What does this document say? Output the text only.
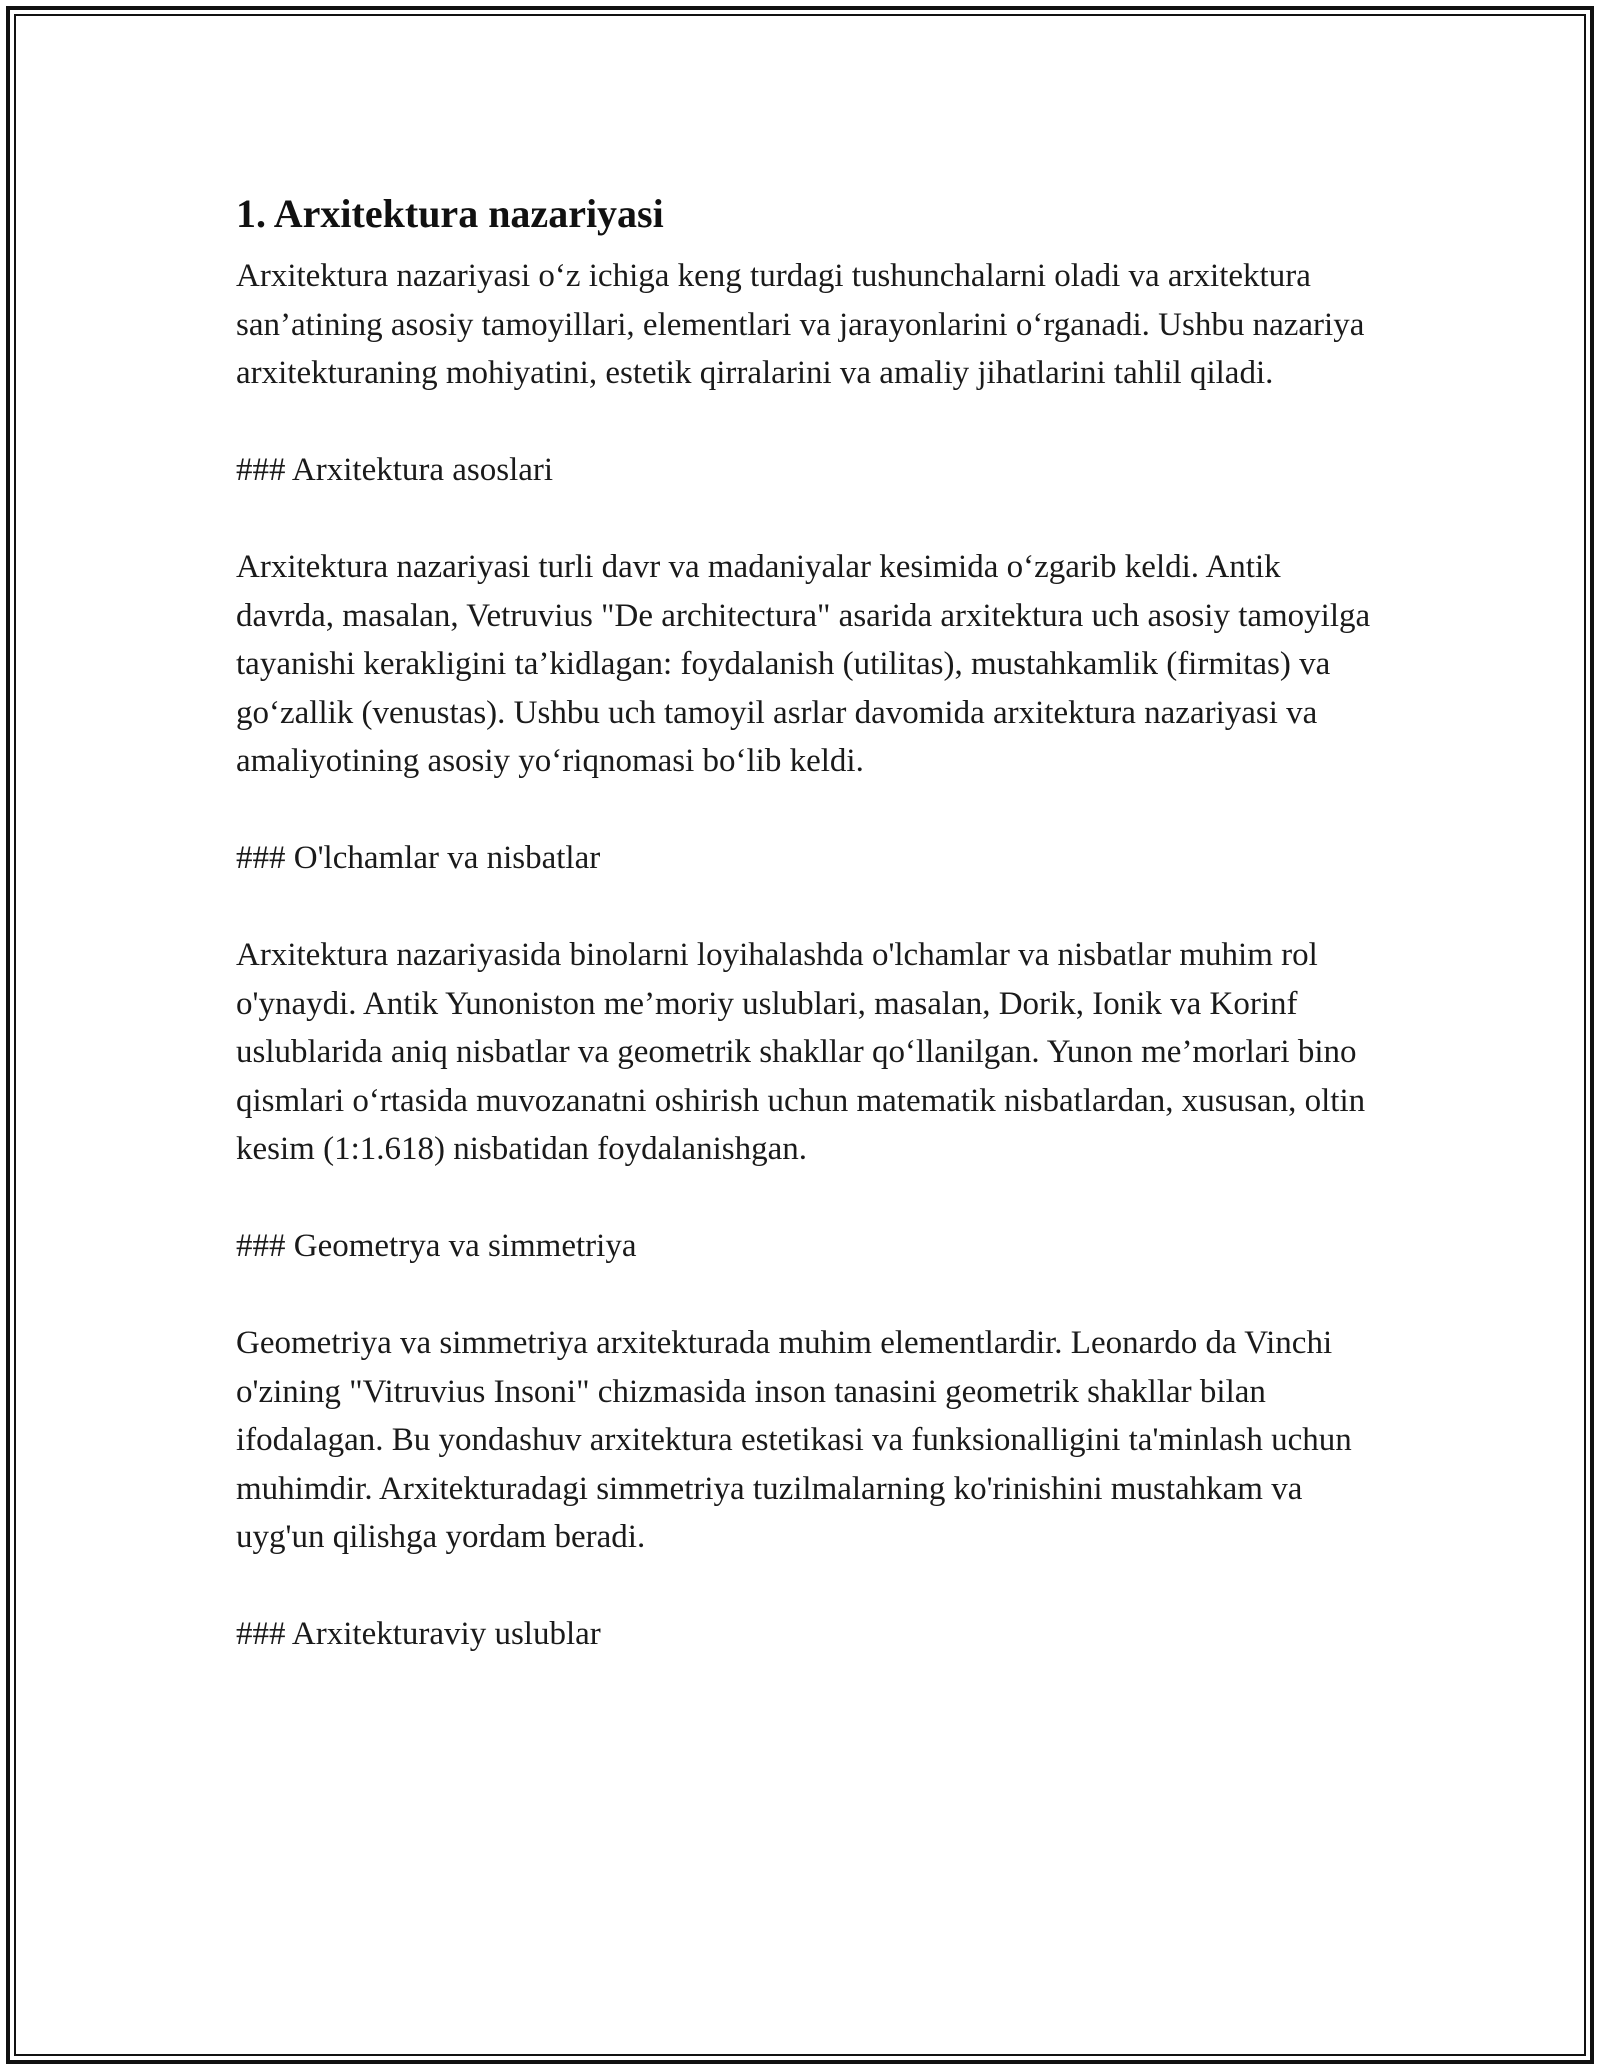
1. Arxitektura nazariyasi

Arxitektura nazariyasi o‘z ichiga keng turdagi tushunchalarni oladi va arxitektura san’atining asosiy tamoyillari, elementlari va jarayonlarini o‘rganadi. Ushbu nazariya arxitekturaning mohiyatini, estetik qirralarini va amaliy jihatlarini tahlil qiladi.

### Arxitektura asoslari

Arxitektura nazariyasi turli davr va madaniyalar kesimida o‘zgarib keldi. Antik davrda, masalan, Vetruvius "De architectura" asarida arxitektura uch asosiy tamoyilga tayanishi kerakligini ta’kidlagan: foydalanish (utilitas), mustahkamlik (firmitas) va go‘zallik (venustas). Ushbu uch tamoyil asrlar davomida arxitektura nazariyasi va amaliyotining asosiy yo‘riqnomasi bo‘lib keldi.

### O'lchamlar va nisbatlar

Arxitektura nazariyasida binolarni loyihalashda o'lchamlar va nisbatlar muhim rol o'ynaydi. Antik Yunoniston me’moriy uslublari, masalan, Dorik, Ionik va Korinf uslublarida aniq nisbatlar va geometrik shakllar qo‘llanilgan. Yunon me’morlari bino qismlari o‘rtasida muvozanatni oshirish uchun matematik nisbatlardan, xususan, oltin kesim (1:1.618) nisbatidan foydalanishgan.

### Geometrya va simmetriya

Geometriya va simmetriya arxitekturada muhim elementlardir. Leonardo da Vinchi o'zining "Vitruvius Insoni" chizmasida inson tanasini geometrik shakllar bilan ifodalagan. Bu yondashuv arxitektura estetikasi va funksionalligini ta'minlash uchun muhimdir. Arxitekturadagi simmetriya tuzilmalarning ko'rinishini mustahkam va uyg'un qilishga yordam beradi.

### Arxitekturaviy uslublar
